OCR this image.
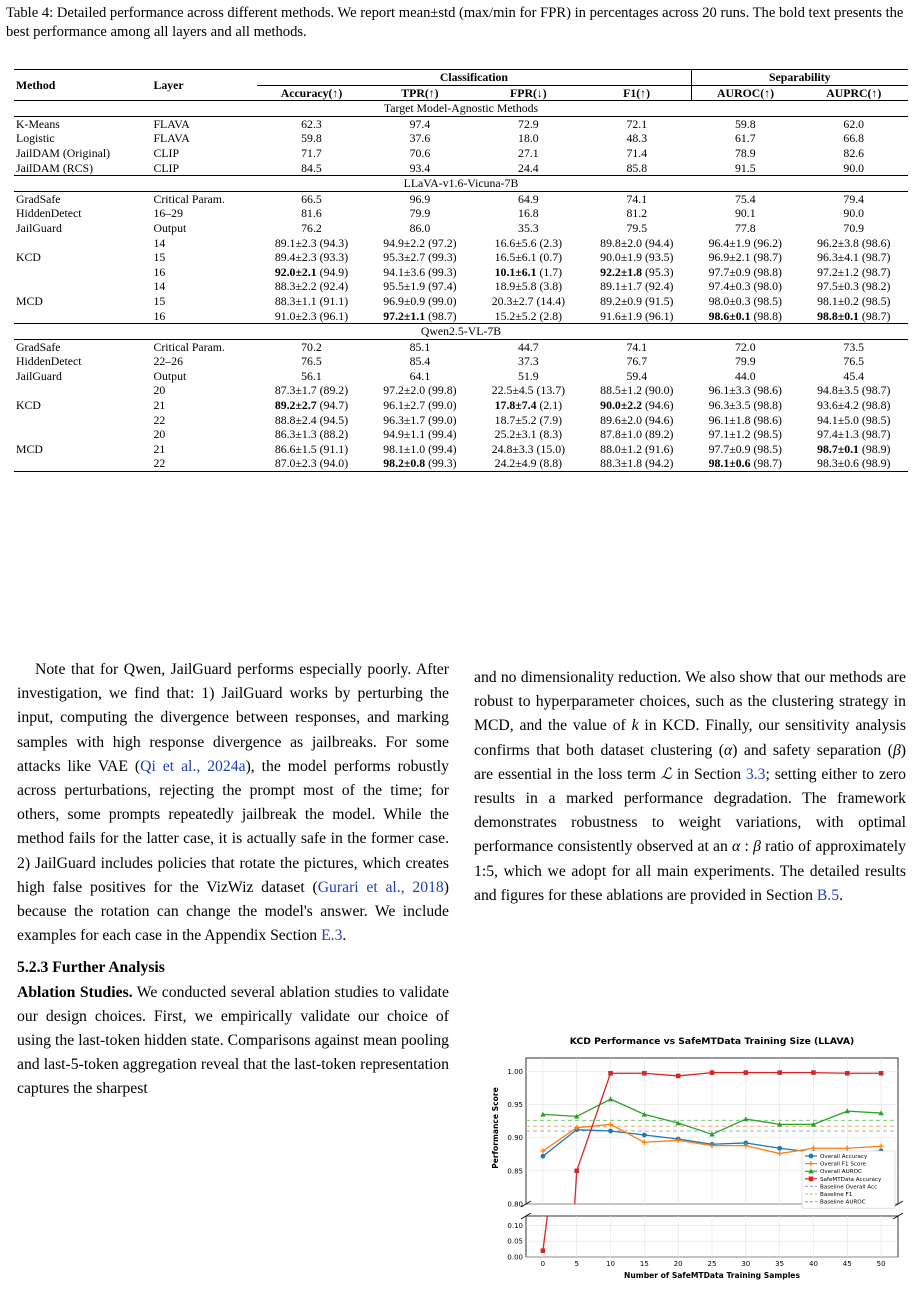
Table 4: Detailed performance across different methods. We report mean±std (max/min for FPR) in percentages across 20 runs. The bold text presents the best performance among all layers and all methods.
Method	Layer	Classification				Separability	
		Accuracy(↑)	TPR(↑)	FPR(↓)	F1(↑)	AUROC(↑)	AUPRC(↑)
Target Model-Agnostic Methods							
K-Means	FLAVA	62.3	97.4	72.9	72.1	59.8	62.0
Logistic	FLAVA	59.8	37.6	18.0	48.3	61.7	66.8
JailDAM (Original)	CLIP	71.7	70.6	27.1	71.4	78.9	82.6
JailDAM (RCS)	CLIP	84.5	93.4	24.4	85.8	91.5	90.0
LLaVA-v1.6-Vicuna-7B							
GradSafe	Critical Param.	66.5	96.9	64.9	74.1	75.4	79.4
HiddenDetect	16–29	81.6	79.9	16.8	81.2	90.1	90.0
JailGuard	Output	76.2	86.0	35.3	79.5	77.8	70.9
	14	89.1±2.3 (94.3)	94.9±2.2 (97.2)	16.6±5.6 (2.3)	89.8±2.0 (94.4)	96.4±1.9 (96.2)	96.2±3.8 (98.6)
KCD	15	89.4±2.3 (93.3)	95.3±2.7 (99.3)	16.5±6.1 (0.7)	90.0±1.9 (93.5)	96.9±2.1 (98.7)	96.3±4.1 (98.7)
	16	92.0±2.1 (94.9)	94.1±3.6 (99.3)	10.1±6.1 (1.7)	92.2±1.8 (95.3)	97.7±0.9 (98.8)	97.2±1.2 (98.7)
	14	88.3±2.2 (92.4)	95.5±1.9 (97.4)	18.9±5.8 (3.8)	89.1±1.7 (92.4)	97.4±0.3 (98.0)	97.5±0.3 (98.2)
MCD	15	88.3±1.1 (91.1)	96.9±0.9 (99.0)	20.3±2.7 (14.4)	89.2±0.9 (91.5)	98.0±0.3 (98.5)	98.1±0.2 (98.5)
	16	91.0±2.3 (96.1)	97.2±1.1 (98.7)	15.2±5.2 (2.8)	91.6±1.9 (96.1)	98.6±0.1 (98.8)	98.8±0.1 (98.7)
Qwen2.5-VL-7B							
GradSafe	Critical Param.	70.2	85.1	44.7	74.1	72.0	73.5
HiddenDetect	22–26	76.5	85.4	37.3	76.7	79.9	76.5
JailGuard	Output	56.1	64.1	51.9	59.4	44.0	45.4
	20	87.3±1.7 (89.2)	97.2±2.0 (99.8)	22.5±4.5 (13.7)	88.5±1.2 (90.0)	96.1±3.3 (98.6)	94.8±3.5 (98.7)
KCD	21	89.2±2.7 (94.7)	96.1±2.7 (99.0)	17.8±7.4 (2.1)	90.0±2.2 (94.6)	96.3±3.5 (98.8)	93.6±4.2 (98.8)
	22	88.8±2.4 (94.5)	96.3±1.7 (99.0)	18.7±5.2 (7.9)	89.6±2.0 (94.6)	96.1±1.8 (98.6)	94.1±5.0 (98.5)
	20	86.3±1.3 (88.2)	94.9±1.1 (99.4)	25.2±3.1 (8.3)	87.8±1.0 (89.2)	97.1±1.2 (98.5)	97.4±1.3 (98.7)
MCD	21	86.6±1.5 (91.1)	98.1±1.0 (99.4)	24.8±3.3 (15.0)	88.0±1.2 (91.6)	97.7±0.9 (98.5)	98.7±0.1 (98.9)
	22	87.0±2.3 (94.0)	98.2±0.8 (99.3)	24.2±4.9 (8.8)	88.3±1.8 (94.2)	98.1±0.6 (98.7)	98.3±0.6 (98.9)
Note that for Qwen, JailGuard performs especially poorly. After investigation, we find that: 1) JailGuard works by perturbing the input, computing the divergence between responses, and marking samples with high response divergence as jailbreaks. For some attacks like VAE (Qi et al., 2024a), the model performs robustly across perturbations, rejecting the prompt most of the time; for others, some prompts repeatedly jailbreak the model. While the method fails for the latter case, it is actually safe in the former case. 2) JailGuard includes policies that rotate the pictures, which creates high false positives for the VizWiz dataset (Gurari et al., 2018) because the rotation can change the model's answer. We include examples for each case in the Appendix Section E.3.
5.2.3 Further Analysis
Ablation Studies. We conducted several ablation studies to validate our design choices. First, we empirically validate our choice of using the last-token hidden state. Comparisons against mean pooling and last-5-token aggregation reveal that the last-token representation captures the sharpest
and no dimensionality reduction. We also show that our methods are robust to hyperparameter choices, such as the clustering strategy in MCD, and the value of k in KCD. Finally, our sensitivity analysis confirms that both dataset clustering (α) and safety separation (β) are essential in the loss term ℒ in Section 3.3; setting either to zero results in a marked performance degradation. The framework demonstrates robustness to weight variations, with optimal performance consistently observed at an α : β ratio of approximately 1:5, which we adopt for all main experiments. The detailed results and figures for these ablations are provided in Section B.5.
KCD Performance vs SafeMTData Training Size (LLAVA)
0	5	10	15	20	25	30	35	40	45	50
0.80
0.85
0.90
0.95
1.00
0.00
0.05
0.10
Number of SafeMTData Training Samples
Performance Score	Overall Accuracy
Overall F1 Score
Overall AUROC
SafeMTData Accuracy
Baseline Overall Acc
Baseline F1
Baseline AUROC
